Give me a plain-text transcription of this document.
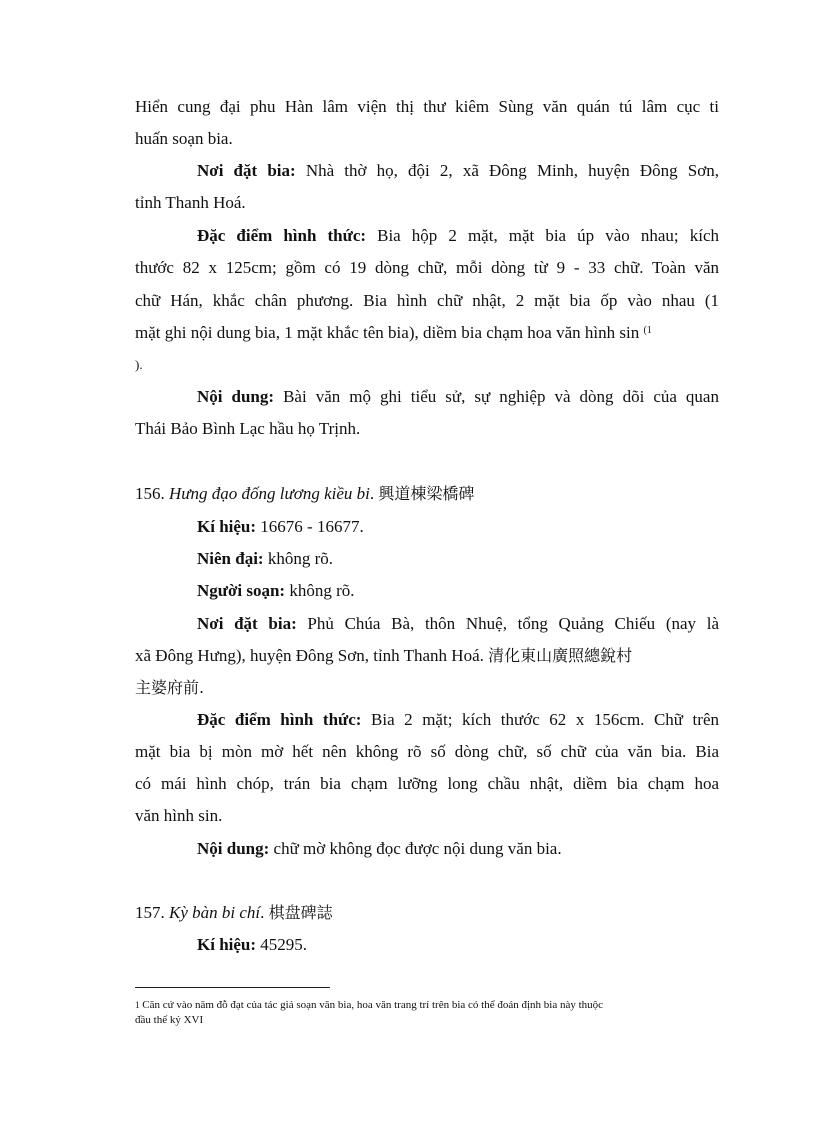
Hiển cung đại phu Hàn lâm viện thị thư kiêm Sùng văn quán tú lâm cục ti
huấn soạn bia.
Nơi đặt bia: Nhà thờ họ, đội 2, xã Đông Minh, huyện Đông Sơn,
tỉnh Thanh Hoá.
Đặc điểm hình thức: Bia hộp 2 mặt, mặt bia úp vào nhau; kích
thước 82 x 125cm; gồm có 19 dòng chữ, mỗi dòng từ 9 - 33 chữ. Toàn văn
chữ Hán, khắc chân phương. Bia hình chữ nhật, 2 mặt bia ốp vào nhau (1
mặt ghi nội dung bia, 1 mặt khắc tên bia), diềm bia chạm hoa văn hình sin $^{(1}$
).
Nội dung: Bài văn mộ ghi tiểu sử, sự nghiệp và dòng dõi của quan
Thái Bảo Bình Lạc hầu họ Trịnh.
156. Hưng đạo đống lương kiều bi. 興道棟梁橋碑
Kí hiệu: 16676 - 16677.
Niên đại: không rõ.
Người soạn: không rõ.
Nơi đặt bia: Phủ Chúa Bà, thôn Nhuệ, tổng Quảng Chiếu (nay là
xã Đông Hưng), huyện Đông Sơn, tỉnh Thanh Hoá. 清化東山廣照總銳村
主婆府前.
Đặc điểm hình thức: Bia 2 mặt; kích thước 62 x 156cm. Chữ trên
mặt bia bị mòn mờ hết nên không rõ số dòng chữ, số chữ của văn bia. Bia
có mái hình chóp, trán bia chạm lưỡng long chầu nhật, diềm bia chạm hoa
văn hình sin.
Nội dung: chữ mờ không đọc được nội dung văn bia.
157. Kỳ bàn bi chí. 棋盘碑誌
Kí hiệu: 45295.
$^1$ Căn cứ vào năm đỗ đạt của tác giả soạn văn bia, hoa văn trang trí trên bia có thể đoán định bia này thuộc
đầu thế kỷ XVI
